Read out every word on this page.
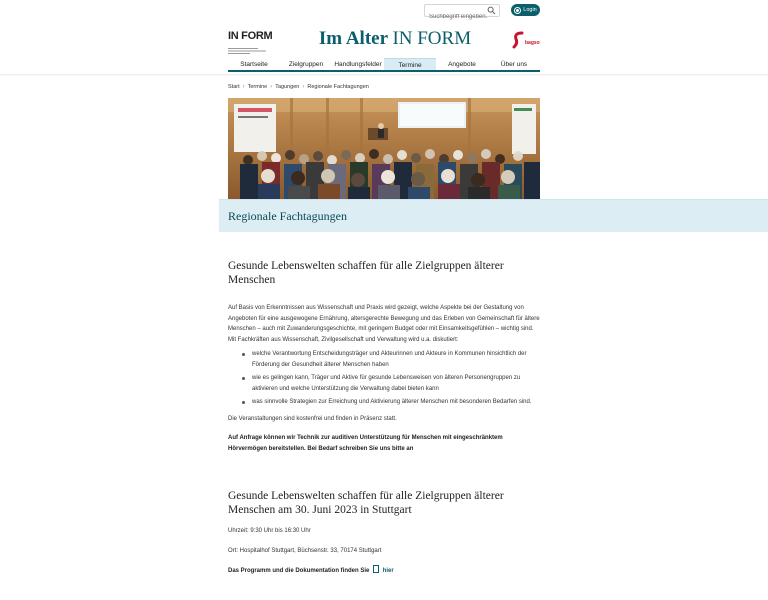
Suchbegriff eingeben...
Login
IN FORM	Im Alter IN FORM	bagso
Startseite	Zielgruppen	Handlungsfelder	Termine	Angebote	Über uns
Start › Termine › Tagungen › Regionale Fachtagungen
Regionale Fachtagungen
Gesunde Lebenswelten schaffen für alle Zielgruppen älterer Menschen

Auf Basis von Erkenntnissen aus Wissenschaft und Praxis wird gezeigt, welche Aspekte bei der Gestaltung von Angeboten für eine ausgewogene Ernährung, altersgerechte Bewegung und das Erleben von Gemeinschaft für ältere Menschen – auch mit Zuwanderungsgeschichte, mit geringem Budget oder mit Einsamkeitsgefühlen – wichtig sind.

Mit Fachkräften aus Wissenschaft, Zivilgesellschaft und Verwaltung wird u.a. diskutiert:

welche Verantwortung Entscheidungsträger und Akteurinnen und Akteure in Kommunen hinsichtlich der Förderung der Gesundheit älterer Menschen haben
wie es gelingen kann, Träger und Aktive für gesunde Lebensweisen von älteren Personengruppen zu aktivieren und welche Unterstützung die Verwaltung dabei bieten kann
was sinnvolle Strategien zur Erreichung und Aktivierung älterer Menschen mit besonderen Bedarfen sind.

Die Veranstaltungen sind kostenfrei und finden in Präsenz statt.

Auf Anfrage können wir Technik zur auditiven Unterstützung für Menschen mit eingeschränktem Hörvermögen bereitstellen. Bei Bedarf schreiben Sie uns bitte an

Gesunde Lebenswelten schaffen für alle Zielgruppen älterer Menschen am 30. Juni 2023 in Stuttgart

Uhrzeit: 9:30 Uhr bis 16:30 Uhr

Ort: Hospitalhof Stuttgart, Büchsenstr. 33, 70174 Stuttgart

Das Programm und die Dokumentation finden Sie hier
